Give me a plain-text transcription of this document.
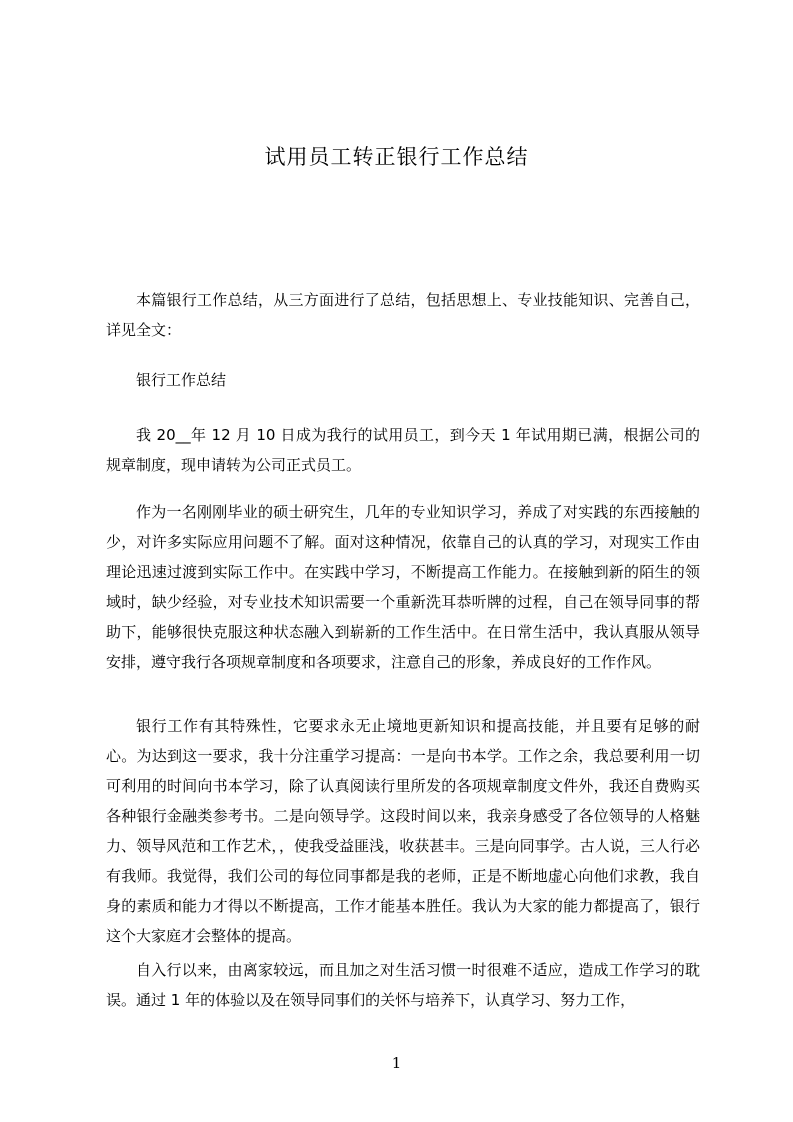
试用员工转正银行工作总结

本篇银行工作总结，从三方面进行了总结，包括思想上、专业技能知识、完善自己，详见全文：

银行工作总结

我 20__年 12 月 10 日成为我行的试用员工，到今天 1 年试用期已满，根据公司的规章制度，现申请转为公司正式员工。

作为一名刚刚毕业的硕士研究生，几年的专业知识学习，养成了对实践的东西接触的少，对许多实际应用问题不了解。面对这种情况，依靠自己的认真的学习，对现实工作由理论迅速过渡到实际工作中。在实践中学习，不断提高工作能力。在接触到新的陌生的领域时，缺少经验，对专业技术知识需要一个重新洗耳恭听牌的过程，自己在领导同事的帮助下，能够很快克服这种状态融入到崭新的工作生活中。在日常生活中，我认真服从领导安排，遵守我行各项规章制度和各项要求，注意自己的形象，养成良好的工作作风。

银行工作有其特殊性，它要求永无止境地更新知识和提高技能，并且要有足够的耐心。为达到这一要求，我十分注重学习提高：一是向书本学。工作之余，我总要利用一切可利用的时间向书本学习，除了认真阅读行里所发的各项规章制度文件外，我还自费购买各种银行金融类参考书。二是向领导学。这段时间以来，我亲身感受了各位领导的人格魅力、领导风范和工作艺术，，使我受益匪浅，收获甚丰。三是向同事学。古人说，三人行必有我师。我觉得，我们公司的每位同事都是我的老师，正是不断地虚心向他们求教，我自身的素质和能力才得以不断提高，工作才能基本胜任。我认为大家的能力都提高了，银行这个大家庭才会整体的提高。

自入行以来，由离家较远，而且加之对生活习惯一时很难不适应，造成工作学习的耽误。通过 1 年的体验以及在领导同事们的关怀与培养下，认真学习、努力工作，

1
